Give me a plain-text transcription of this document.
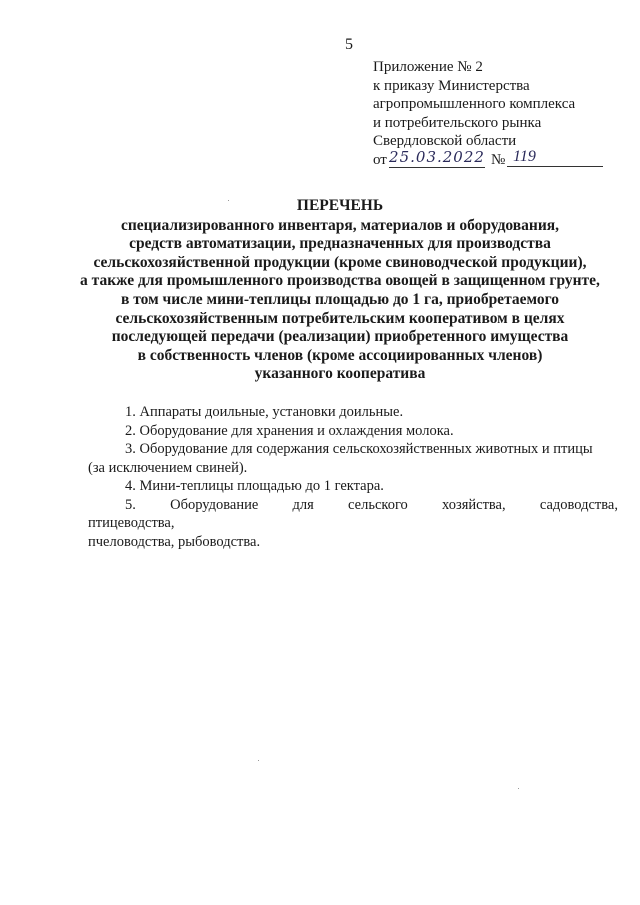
5
Приложение № 2
к приказу Министерства
агропромышленного комплекса
и потребительского рынка
Свердловской области
от 25.03.2022 № 119
ПЕРЕЧЕНЬ
специализированного инвентаря, материалов и оборудования,
средств автоматизации, предназначенных для производства
сельскохозяйственной продукции (кроме свиноводческой продукции),
а также для промышленного производства овощей в защищенном грунте,
в том числе мини-теплицы площадью до 1 га, приобретаемого
сельскохозяйственным потребительским кооперативом в целях
последующей передачи (реализации) приобретенного имущества
в собственность членов (кроме ассоциированных членов)
указанного кооператива
1. Аппараты доильные, установки доильные.
2. Оборудование для хранения и охлаждения молока.
3. Оборудование для содержания сельскохозяйственных животных и птицы
(за исключением свиней).
4. Мини-теплицы площадью до 1 гектара.
5. Оборудование для сельского хозяйства, садоводства, птицеводства,
пчеловодства, рыбоводства.
